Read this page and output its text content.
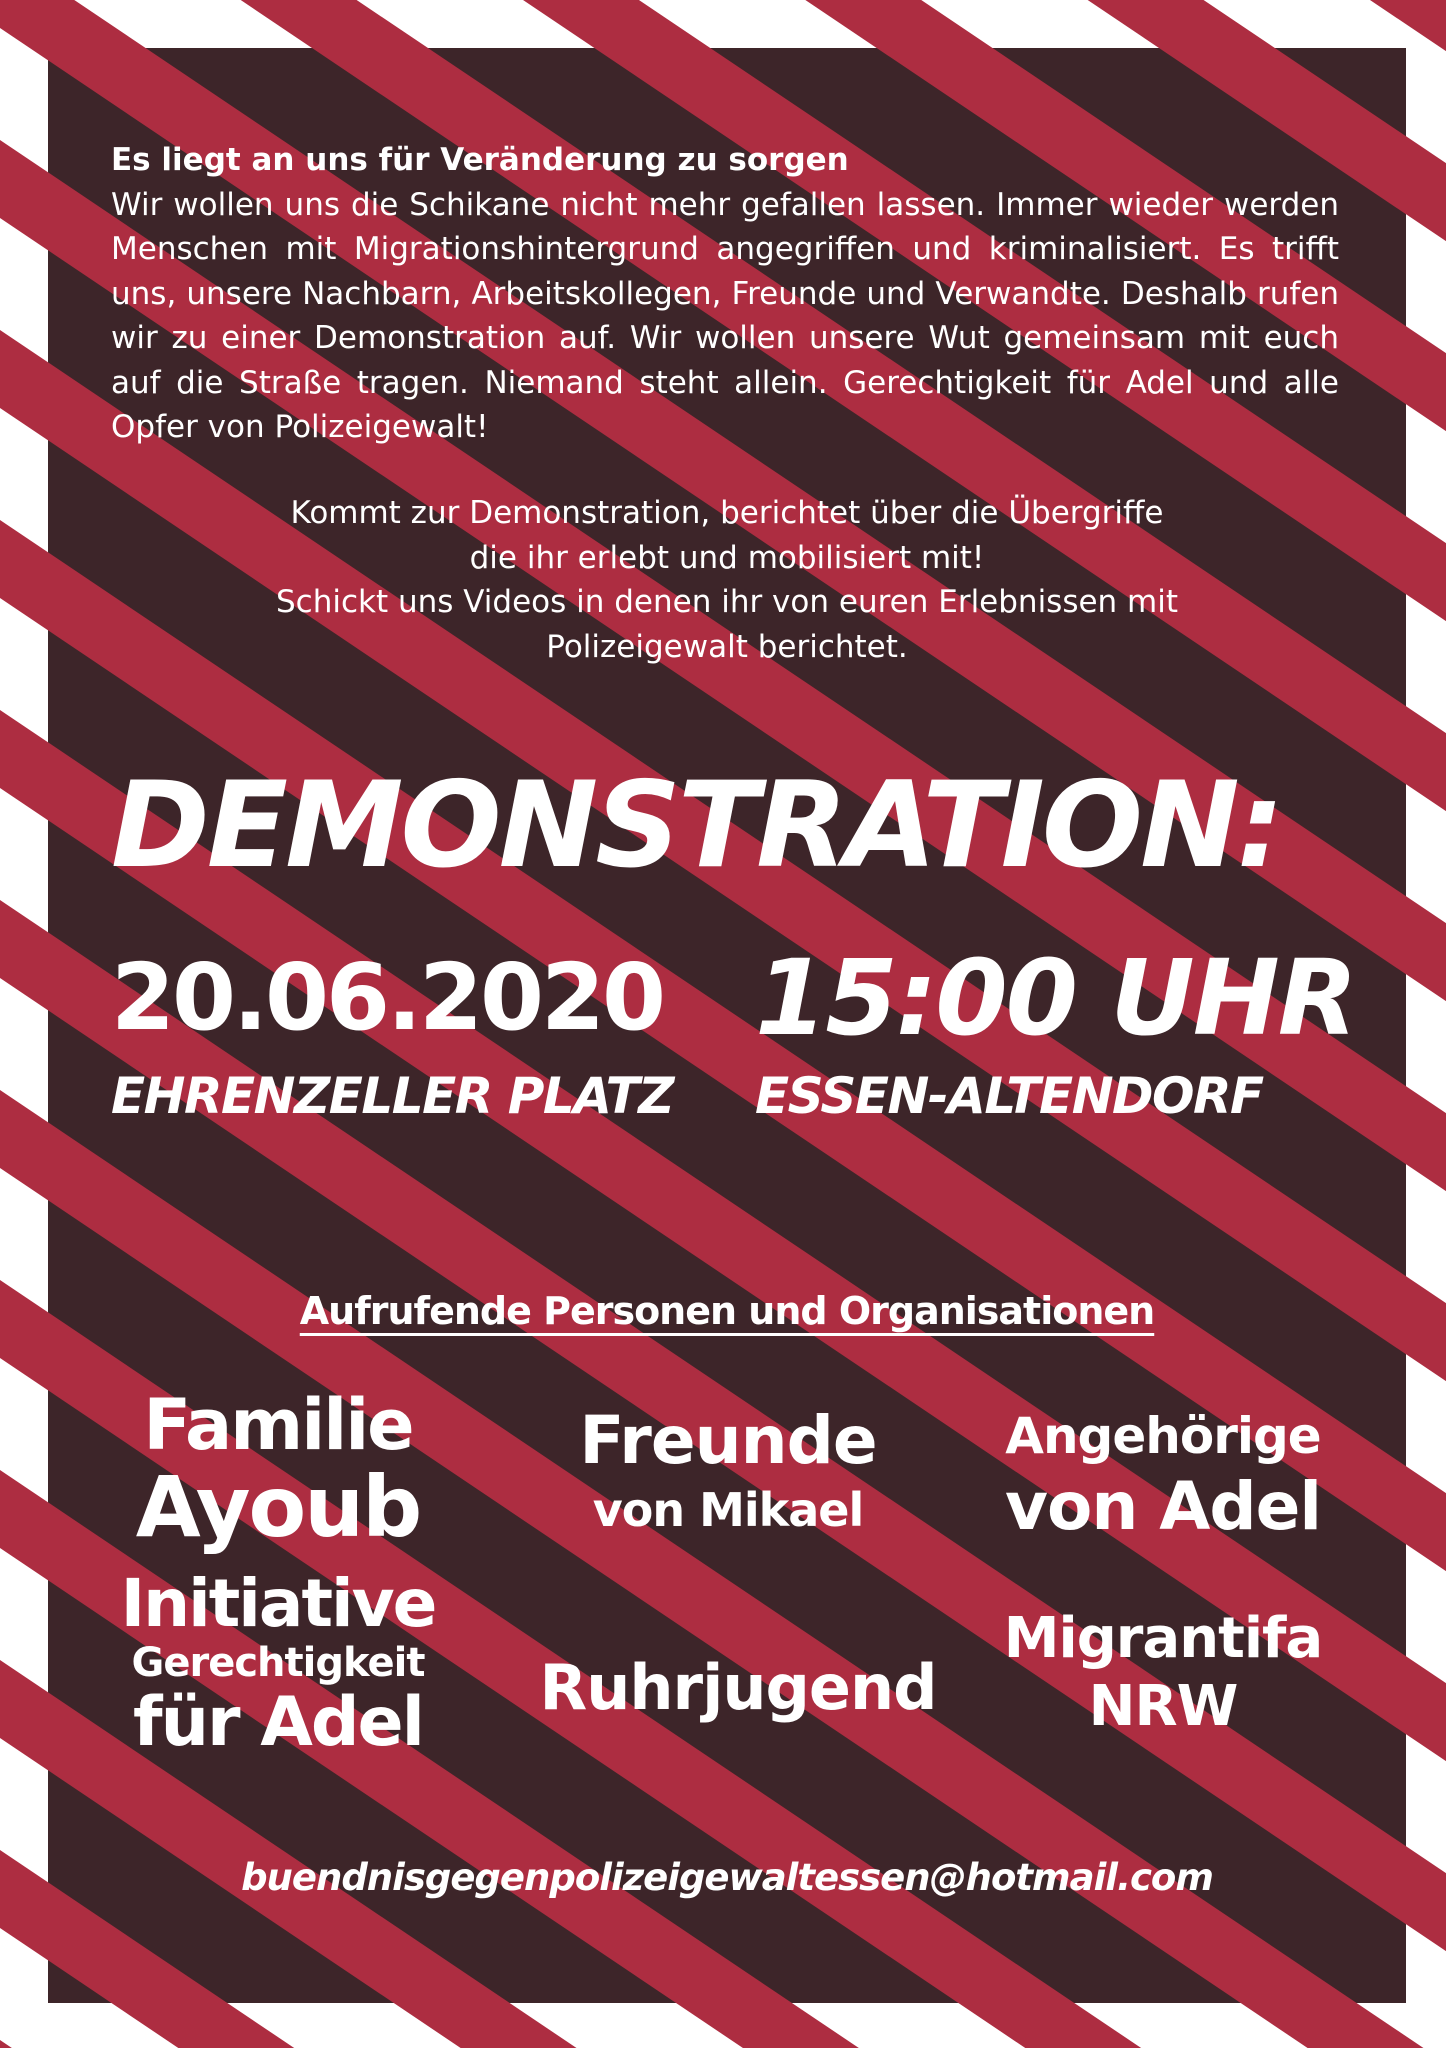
Es liegt an uns für Veränderung zu sorgen
Wir wollen uns die Schikane nicht mehr gefallen lassen. Immer wieder werden Menschen mit Migrationshintergrund angegriffen und kriminalisiert. Es trifft uns, unsere Nachbarn, Arbeitskollegen, Freunde und Verwandte. Deshalb rufen wir zu einer Demonstration auf. Wir wollen unsere Wut gemeinsam mit euch auf die Straße tragen. Niemand steht allein. Gerechtigkeit für Adel und alle Opfer von Polizeigewalt!
Kommt zur Demonstration, berichtet über die Übergriffe
die ihr erlebt und mobilisiert mit!
Schickt uns Videos in denen ihr von euren Erlebnissen mit
Polizeigewalt berichtet.
DEMONSTRATION:
20.06.2020 15:00 UHR
EHRENZELLER PLATZ	ESSEN-ALTENDORF
Aufrufende Personen und Organisationen
Familie
Ayoub
Freunde
von Mikael
Angehörige
von Adel
Initiative
Gerechtigkeit
für Adel	Ruhrjugend
Migrantifa
NRW
buendnisgegenpolizeigewaltessen@hotmail.com
